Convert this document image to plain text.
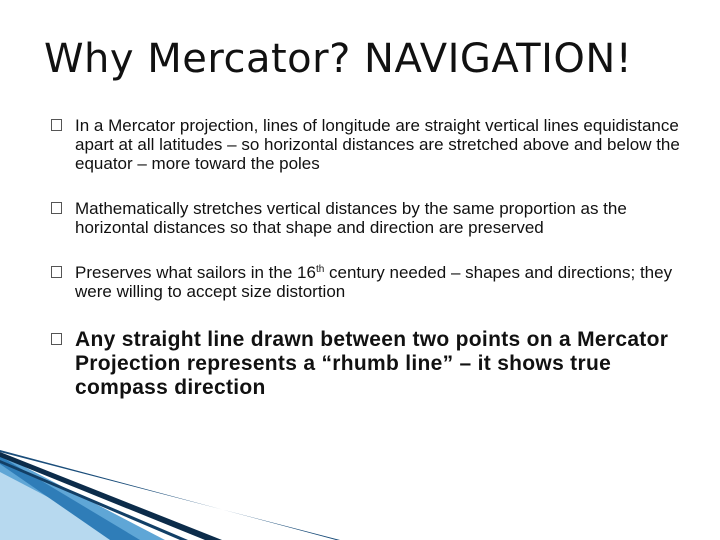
Why Mercator? NAVIGATION!
In a Mercator projection, lines of longitude are straight vertical lines equidistance apart at all latitudes – so horizontal distances are stretched above and below the equator – more toward the poles
Mathematically stretches vertical distances by the same proportion as the horizontal distances so that shape and direction are preserved
Preserves what sailors in the 16th century needed – shapes and directions; they were willing to accept size distortion
Any straight line drawn between two points on a Mercator Projection represents a “rhumb line” – it shows true compass direction
